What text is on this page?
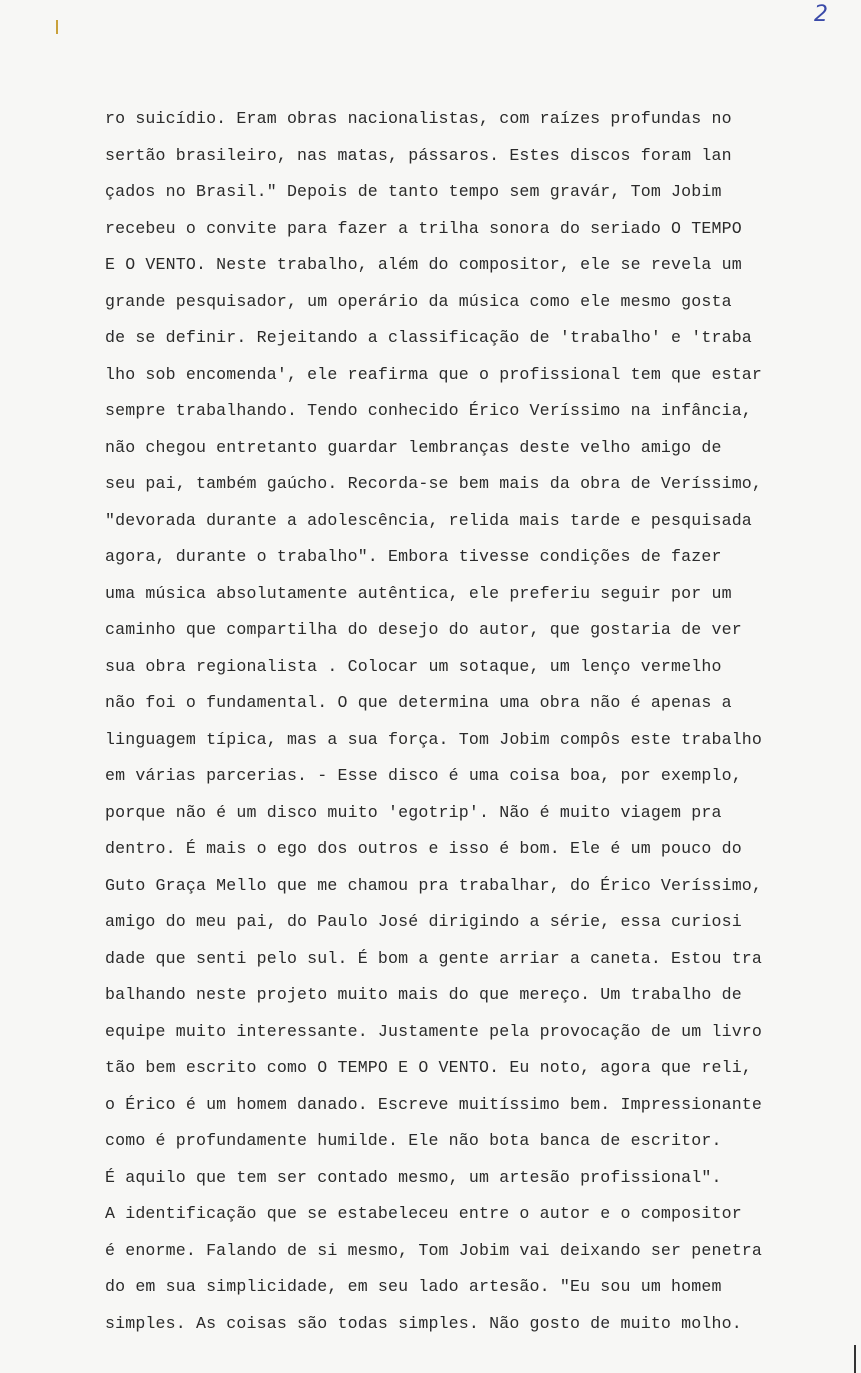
2
ro suicídio. Eram obras nacionalistas, com raízes profundas no
sertão brasileiro, nas matas, pássaros. Estes discos foram lan
çados no Brasil." Depois de tanto tempo sem gravár, Tom Jobim
recebeu o convite para fazer a trilha sonora do seriado O TEMPO
E O VENTO. Neste trabalho, além do compositor, ele se revela um
grande pesquisador, um operário da música como ele mesmo gosta
de se definir. Rejeitando a classificação de 'trabalho' e 'traba
lho sob encomenda', ele reafirma que o profissional tem que estar
sempre trabalhando. Tendo conhecido Érico Veríssimo na infância,
não chegou entretanto guardar lembranças deste velho amigo de
seu pai, também gaúcho. Recorda-se bem mais da obra de Veríssimo,
"devorada durante a adolescência, relida mais tarde e pesquisada
agora, durante o trabalho". Embora tivesse condições de fazer
uma música absolutamente autêntica, ele preferiu seguir por um
caminho que compartilha do desejo do autor, que gostaria de ver
sua obra regionalista . Colocar um sotaque, um lenço vermelho
não foi o fundamental. O que determina uma obra não é apenas a
linguagem típica, mas a sua força. Tom Jobim compôs este trabalho
em várias parcerias. - Esse disco é uma coisa boa, por exemplo,
porque não é um disco muito 'egotrip'. Não é muito viagem pra
dentro. É mais o ego dos outros e isso é bom. Ele é um pouco do
Guto Graça Mello que me chamou pra trabalhar, do Érico Veríssimo,
amigo do meu pai, do Paulo José dirigindo a série, essa curiosi
dade que senti pelo sul. É bom a gente arriar a caneta. Estou tra
balhando neste projeto muito mais do que mereço. Um trabalho de
equipe muito interessante. Justamente pela provocação de um livro
tão bem escrito como O TEMPO E O VENTO. Eu noto, agora que reli,
o Érico é um homem danado. Escreve muitíssimo bem. Impressionante
como é profundamente humilde. Ele não bota banca de escritor.
É aquilo que tem ser contado mesmo, um artesão profissional".
A identificação que se estabeleceu entre o autor e o compositor
é enorme. Falando de si mesmo, Tom Jobim vai deixando ser penetra
do em sua simplicidade, em seu lado artesão. "Eu sou um homem
simples. As coisas são todas simples. Não gosto de muito molho.
